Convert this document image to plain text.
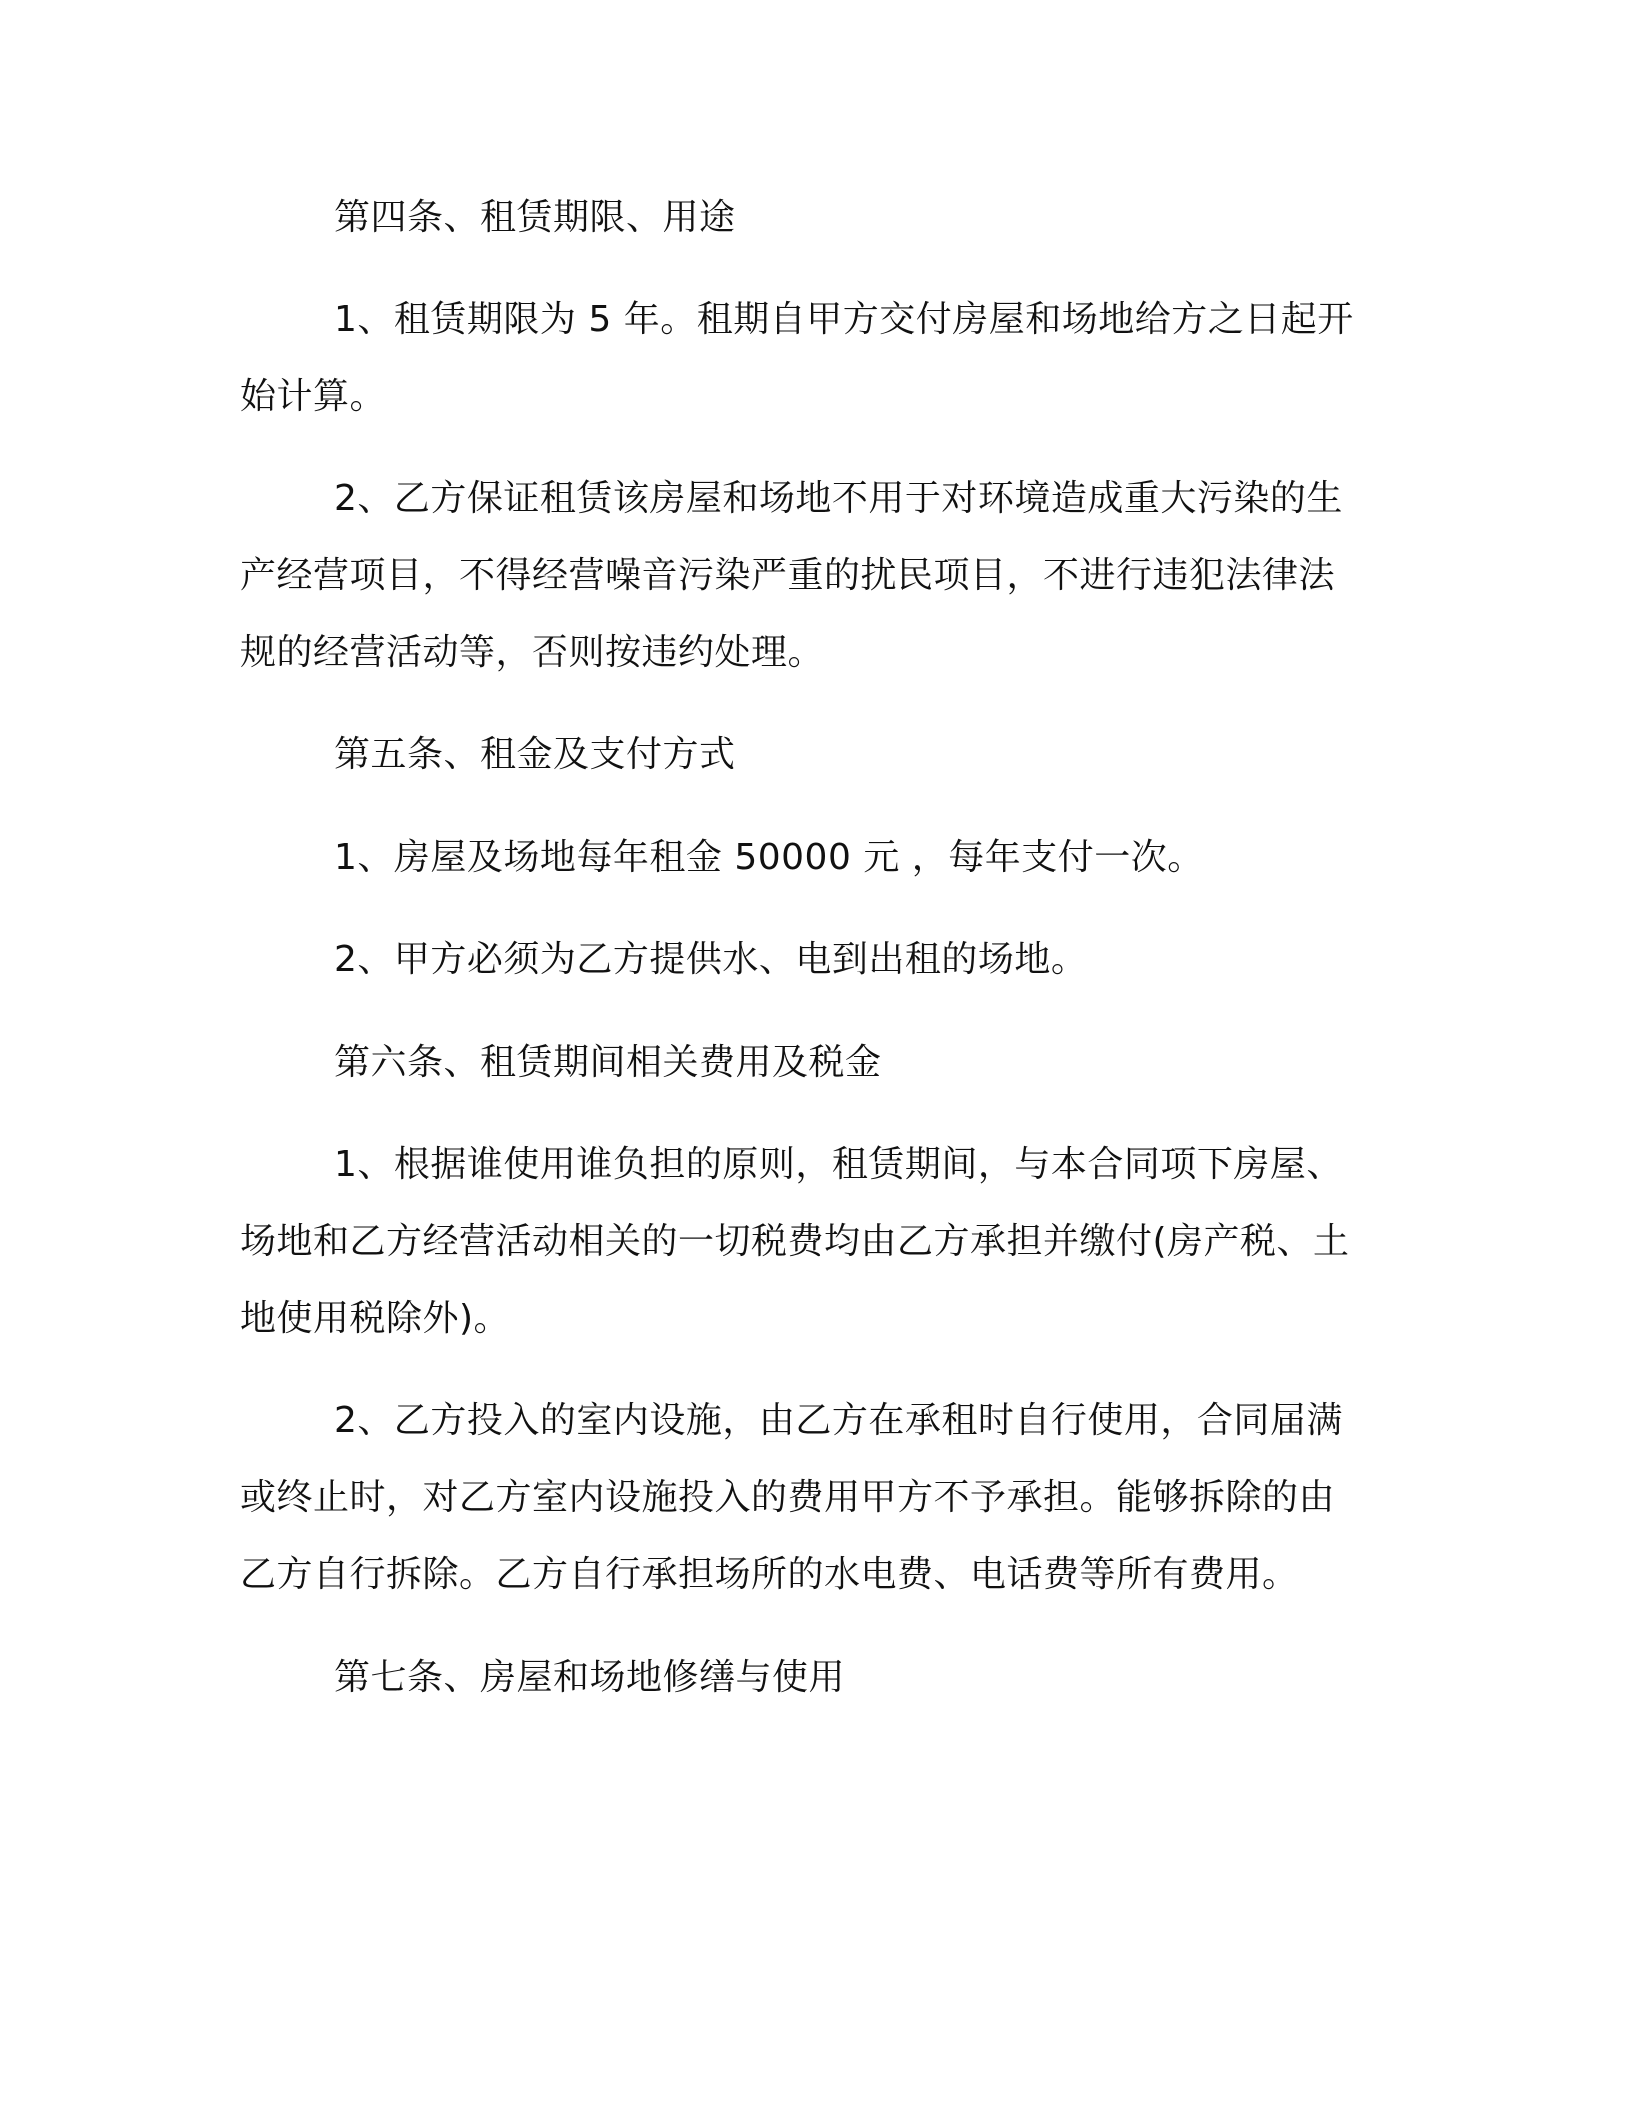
第四条、租赁期限、用途
1、租赁期限为 5 年。租期自甲方交付房屋和场地给方之日起开
始计算。
2、乙方保证租赁该房屋和场地不用于对环境造成重大污染的生
产经营项目，不得经营噪音污染严重的扰民项目，不进行违犯法律法
规的经营活动等，否则按违约处理。
第五条、租金及支付方式
1、房屋及场地每年租金 50000 元 ，每年支付一次。
2、甲方必须为乙方提供水、电到出租的场地。
第六条、租赁期间相关费用及税金
1、根据谁使用谁负担的原则，租赁期间，与本合同项下房屋、
场地和乙方经营活动相关的一切税费均由乙方承担并缴付(房产税、土
地使用税除外)。
2、乙方投入的室内设施，由乙方在承租时自行使用，合同届满
或终止时，对乙方室内设施投入的费用甲方不予承担。能够拆除的由
乙方自行拆除。乙方自行承担场所的水电费、电话费等所有费用。
第七条、房屋和场地修缮与使用
